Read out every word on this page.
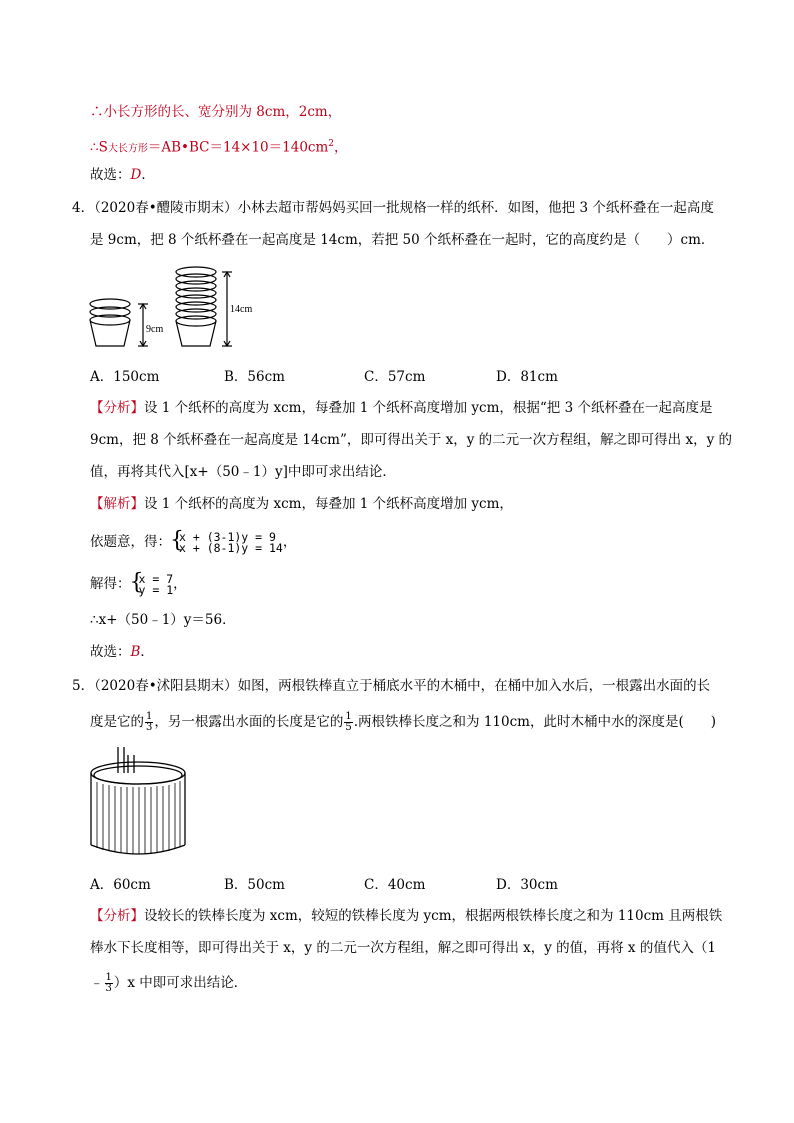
∴小长方形的长、宽分别为 8cm，2cm，
∴S大长方形$=AB•BC=14\times 10=140cm^2$，
故选：D．
4．（2020春•醴陵市期末）小林去超市帮妈妈买回一批规格一样的纸杯．如图，他把 3 个纸杯叠在一起高度
是 9cm，把 8 个纸杯叠在一起高度是 14cm，若把 50 个纸杯叠在一起时，它的高度约是（　　）cm．
9cm
14cm
A．150cm	B．56cm	C．57cm	D．81cm
【分析】设 1 个纸杯的高度为 xcm，每叠加 1 个纸杯高度增加 ycm，根据“把 3 个纸杯叠在一起高度是
9cm，把 8 个纸杯叠在一起高度是 14cm”，即可得出关于 x，y 的二元一次方程组，解之即可得出 x，y 的
值，再将其代入[x+（50﹣1）y]中即可求出结论．
【解析】设 1 个纸杯的高度为 xcm，每叠加 1 个纸杯高度增加 ycm，
依题意，得： { x + (3-1)y = 9
x + (8-1)y = 14 ，
解得： { x = 7
y = 1 ，
∴x+（50﹣1）y＝56．
故选：B．
5．（2020春•沭阳县期末）如图，两根铁棒直立于桶底水平的木桶中，在桶中加入水后，一根露出水面的长
度是它的 $\frac{1}{3}$ ，另一根露出水面的长度是它的 $\frac{1}{5}$ .两根铁棒长度之和为 110cm，此时木桶中水的深度是(　　)
A．60cm	B．50cm	C．40cm	D．30cm
【分析】设较长的铁棒长度为 xcm，较短的铁棒长度为 ycm，根据两根铁棒长度之和为 110cm 且两根铁
棒水下长度相等，即可得出关于 x，y 的二元一次方程组，解之即可得出 x，y 的值，再将 x 的值代入（1
﹣ $\frac{1}{3} )x$ 中即可求出结论．
